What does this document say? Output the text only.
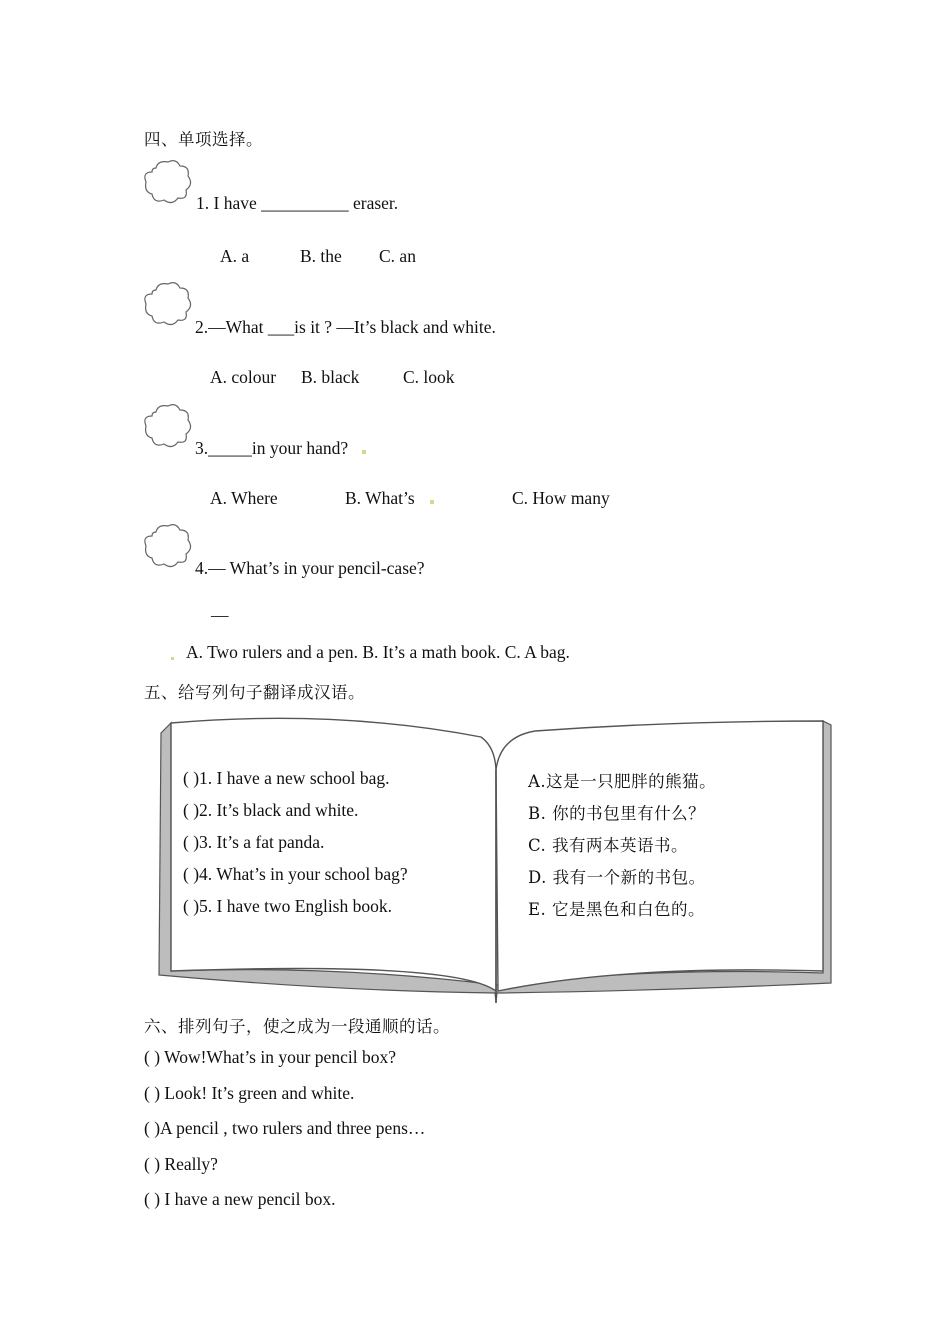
四、单项选择。
1. I have __________ eraser.
A. a	B. the C. an
2.—What ___is it ? —It’s black and white.
A. colour B. black C. look
3._____in your hand?
A. Where	B. What’s	C. How many
4.— What’s in your pencil-case?
—
A. Two rulers and a pen. B. It’s a math book. C. A bag.
五、给写列句子翻译成汉语。
( )1. I have a new school bag.
( )2. It’s black and white.
( )3. It’s a fat panda.
( )4. What’s in your school bag?
( )5. I have two English book.
A.这是一只肥胖的熊猫。
B. 你的书包里有什么？
C. 我有两本英语书。
D. 我有一个新的书包。
E. 它是黑色和白色的。
六、排列句子，使之成为一段通顺的话。
( ) Wow!What’s in your pencil box?
( ) Look! It’s green and white.
( )A pencil , two rulers and three pens…
( ) Really?
( ) I have a new pencil box.
